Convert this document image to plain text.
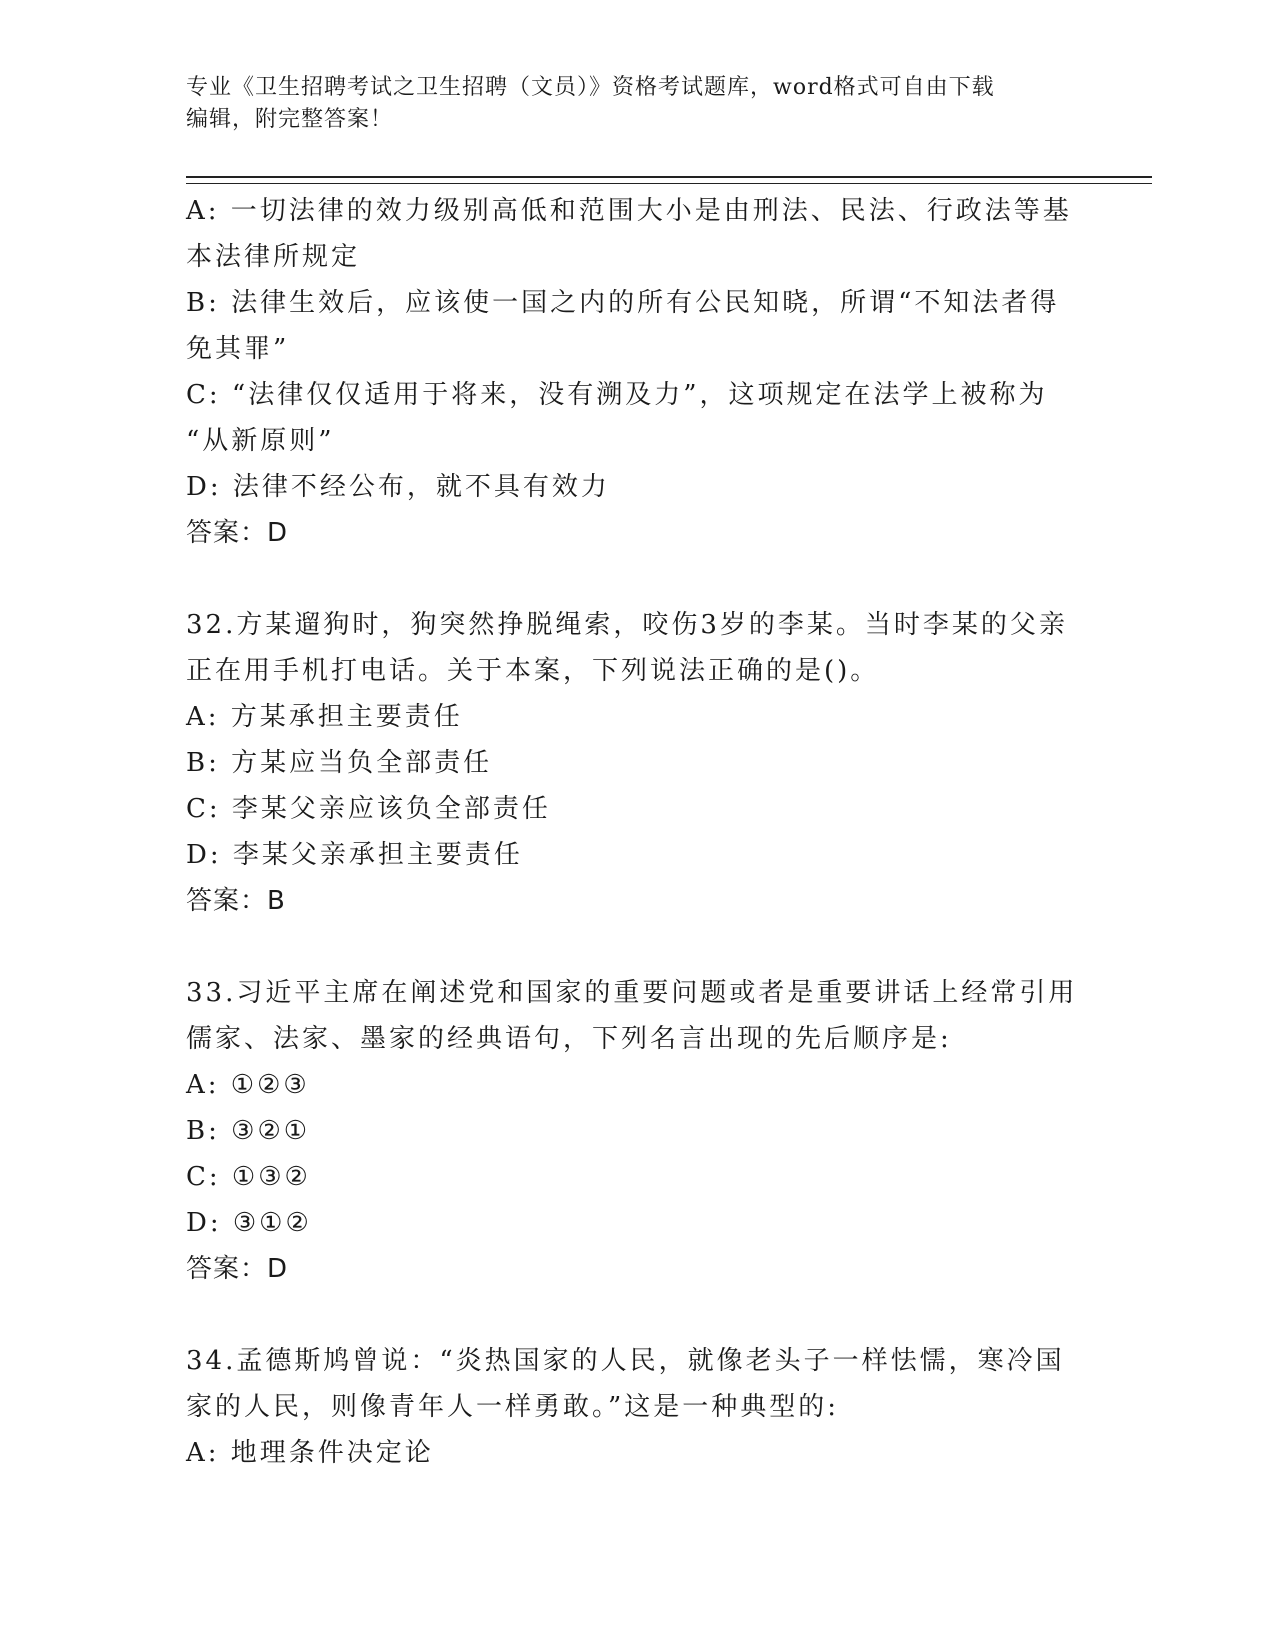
专业《卫生招聘考试之卫生招聘（文员）》资格考试题库，word格式可自由下载
编辑，附完整答案！

A: 一切法律的效力级别高低和范围大小是由刑法、民法、行政法等基

本法律所规定

B: 法律生效后，应该使一国之内的所有公民知晓，所谓“不知法者得

免其罪”

C: “法律仅仅适用于将来，没有溯及力”，这项规定在法学上被称为

“从新原则”

D: 法律不经公布，就不具有效力

答案：D

32.方某遛狗时，狗突然挣脱绳索，咬伤3岁的李某。当时李某的父亲

正在用手机打电话。关于本案，下列说法正确的是()。

A: 方某承担主要责任

B: 方某应当负全部责任

C: 李某父亲应该负全部责任

D: 李某父亲承担主要责任

答案：B

33.习近平主席在阐述党和国家的重要问题或者是重要讲话上经常引用

儒家、法家、墨家的经典语句，下列名言出现的先后顺序是:

A: ①②③

B: ③②①

C: ①③②

D: ③①②

答案：D

34.孟德斯鸠曾说：“炎热国家的人民，就像老头子一样怯懦，寒冷国

家的人民，则像青年人一样勇敢。”这是一种典型的:

A: 地理条件决定论
